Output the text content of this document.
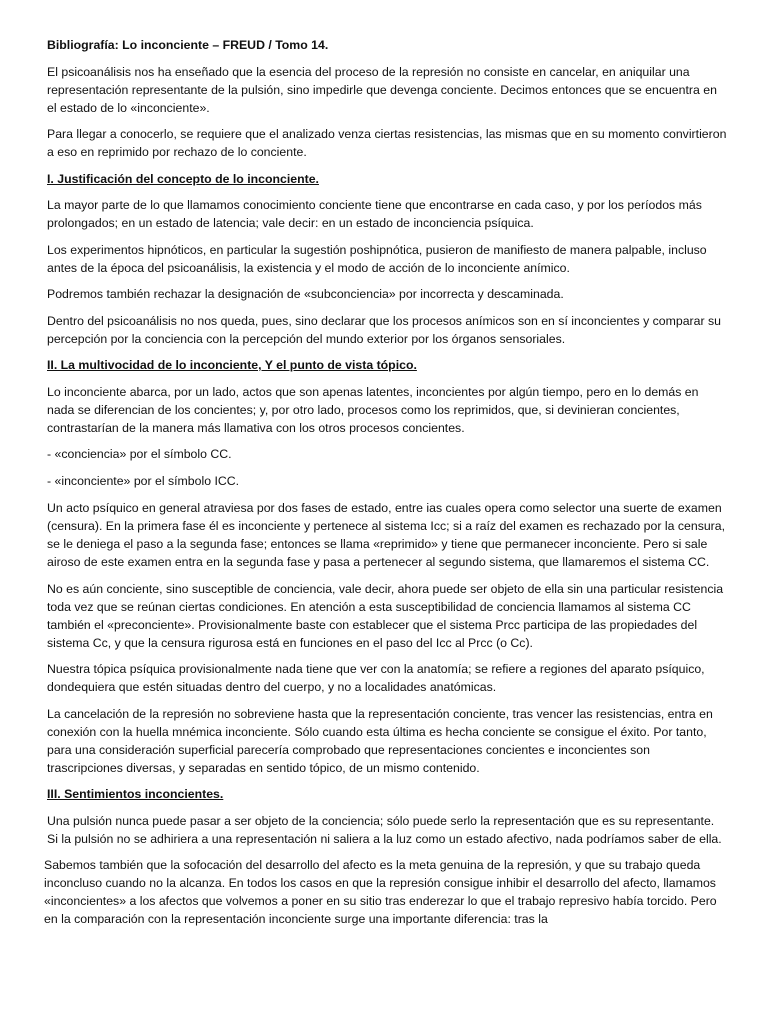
Bibliografía: Lo inconciente – FREUD / Tomo 14.

El psicoanálisis nos ha enseñado que la esencia del proceso de la represión no consiste en cancelar, en aniquilar una representación representante de la pulsión, sino impedirle que devenga conciente. Decimos entonces que se encuentra en el estado de lo «inconciente».

Para llegar a conocerlo, se requiere que el analizado venza ciertas resistencias, las mismas que en su momento convirtieron a eso en reprimido por rechazo de lo conciente.

I. Justificación del concepto de lo inconciente.

La mayor parte de lo que llamamos conocimiento conciente tiene que encontrarse en cada caso, y por los períodos más prolongados; en un estado de latencia; vale decir: en un estado de inconciencia psíquica.

Los experimentos hipnóticos, en particular la sugestión poshipnótica, pusieron de manifiesto de manera palpable, incluso antes de la época del psicoanálisis, la existencia y el modo de acción de lo inconciente anímico.

Podremos también rechazar la designación de «subconciencia» por incorrecta y descaminada.

Dentro del psicoanálisis no nos queda, pues, sino declarar que los procesos anímicos son en sí inconcientes y comparar su percepción por la conciencia con la percepción del mundo exterior por los órganos sensoriales.

II. La multivocidad de lo inconciente, Y el punto de vista tópico.

Lo inconciente abarca, por un lado, actos que son apenas latentes, inconcientes por algún tiempo, pero en lo demás en nada se diferencian de los concientes; y, por otro lado, procesos como los reprimidos, que, si devinieran concientes, contrastarían de la manera más llamativa con los otros procesos concientes.

- «conciencia» por el símbolo CC.

- «inconciente» por el símbolo ICC.

Un acto psíquico en general atraviesa por dos fases de estado, entre ias cuales opera como selector una suerte de examen (censura). En la primera fase él es inconciente y pertenece al sistema Icc; si a raíz del examen es rechazado por la censura, se le deniega el paso a la segunda fase; entonces se llama «reprimido» y tiene que permanecer inconciente. Pero si sale airoso de este examen entra en la segunda fase y pasa a pertenecer al segundo sistema, que llamaremos el sistema CC.

No es aún conciente, sino susceptible de conciencia, vale decir, ahora puede ser objeto de ella sin una particular resistencia toda vez que se reúnan ciertas condiciones. En atención a esta susceptibilidad de conciencia llamamos al sistema CC también el «preconciente». Provisionalmente baste con establecer que el sistema Prcc participa de las propiedades del sistema Cc, y que la censura rigurosa está en funciones en el paso del Icc al Prcc (o Cc).

Nuestra tópica psíquica provisionalmente nada tiene que ver con la anatomía; se refiere a regiones del aparato psíquico, dondequiera que estén situadas dentro del cuerpo, y no a localidades anatómicas.

La cancelación de la represión no sobreviene hasta que la representación conciente, tras vencer las resistencias, entra en conexión con la huella mnémica inconciente. Sólo cuando esta última es hecha conciente se consigue el éxito. Por tanto, para una consideración superficial parecería comprobado que representaciones concientes e inconcientes son trascripciones diversas, y separadas en sentido tópico, de un mismo contenido.

III. Sentimientos inconcientes.

Una pulsión nunca puede pasar a ser objeto de la conciencia; sólo puede serlo la representación que es su representante. Si la pulsión no se adhiriera a una representación ni saliera a la luz como un estado afectivo, nada podríamos saber de ella.

Sabemos también que la sofocación del desarrollo del afecto es la meta genuina de la represión, y que su trabajo queda inconcluso cuando no la alcanza. En todos los casos en que la represión consigue inhibir el desarrollo del afecto, llamamos «inconcientes» a los afectos que volvemos a poner en su sitio tras enderezar lo que el trabajo represivo había torcido. Pero en la comparación con la representación inconciente surge una importante diferencia: tras la
